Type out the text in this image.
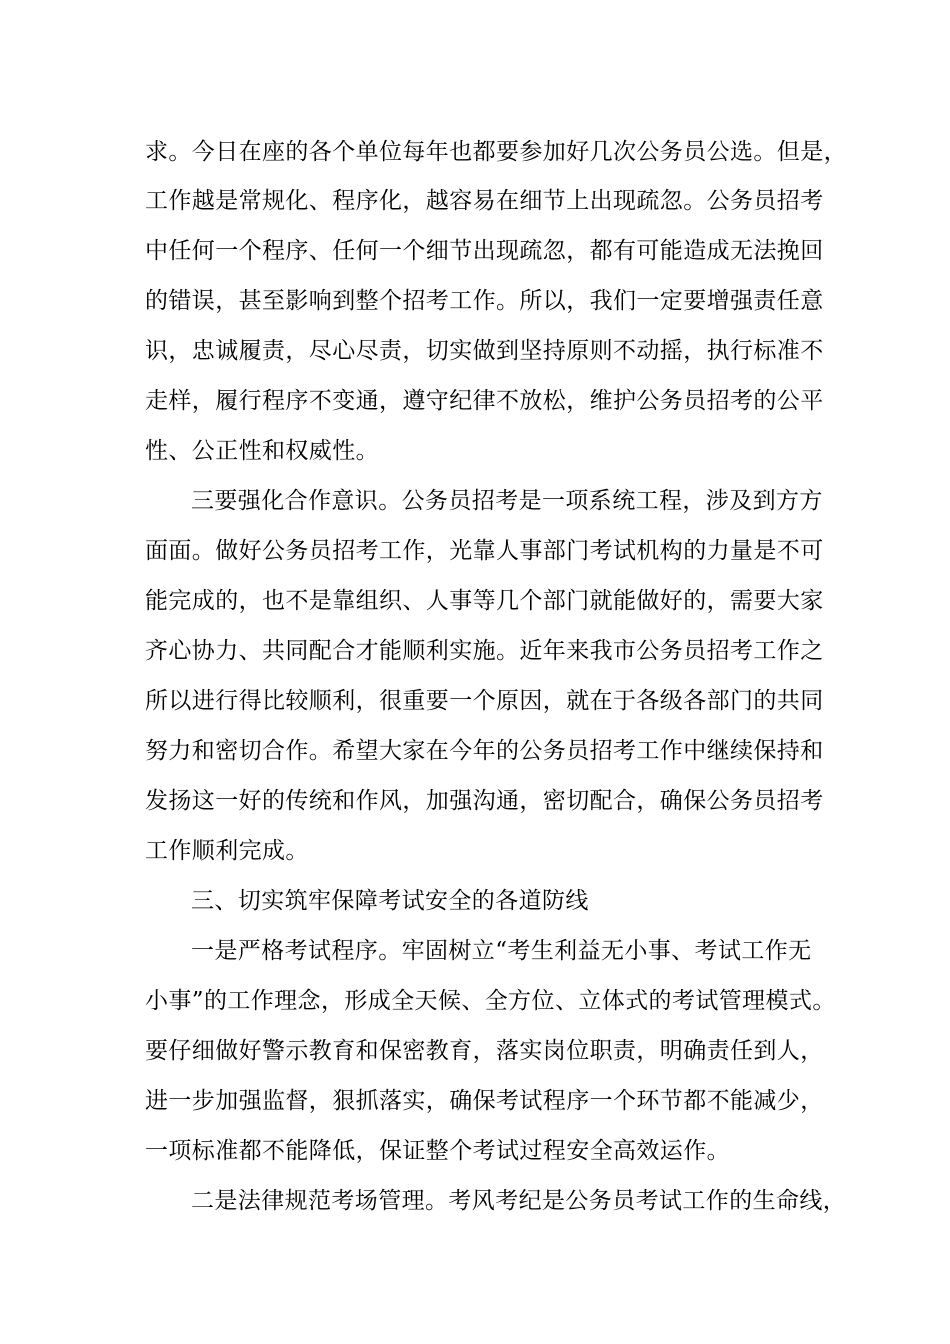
求。今日在座的各个单位每年也都要参加好几次公务员公选。但是，
工作越是常规化、程序化，越容易在细节上出现疏忽。公务员招考
中任何一个程序、任何一个细节出现疏忽，都有可能造成无法挽回
的错误，甚至影响到整个招考工作。所以，我们一定要增强责任意
识，忠诚履责，尽心尽责，切实做到坚持原则不动摇，执行标准不
走样，履行程序不变通，遵守纪律不放松，维护公务员招考的公平
性、公正性和权威性。
三要强化合作意识。公务员招考是一项系统工程，涉及到方方
面面。做好公务员招考工作，光靠人事部门考试机构的力量是不可
能完成的，也不是靠组织、人事等几个部门就能做好的，需要大家
齐心协力、共同配合才能顺利实施。近年来我市公务员招考工作之
所以进行得比较顺利，很重要一个原因，就在于各级各部门的共同
努力和密切合作。希望大家在今年的公务员招考工作中继续保持和
发扬这一好的传统和作风，加强沟通，密切配合，确保公务员招考
工作顺利完成。
三、切实筑牢保障考试安全的各道防线
一是严格考试程序。牢固树立“考生利益无小事、考试工作无
小事”的工作理念，形成全天候、全方位、立体式的考试管理模式。
要仔细做好警示教育和保密教育，落实岗位职责，明确责任到人，
进一步加强监督，狠抓落实，确保考试程序一个环节都不能减少，
一项标准都不能降低，保证整个考试过程安全高效运作。
二是法律规范考场管理。考风考纪是公务员考试工作的生命线，
